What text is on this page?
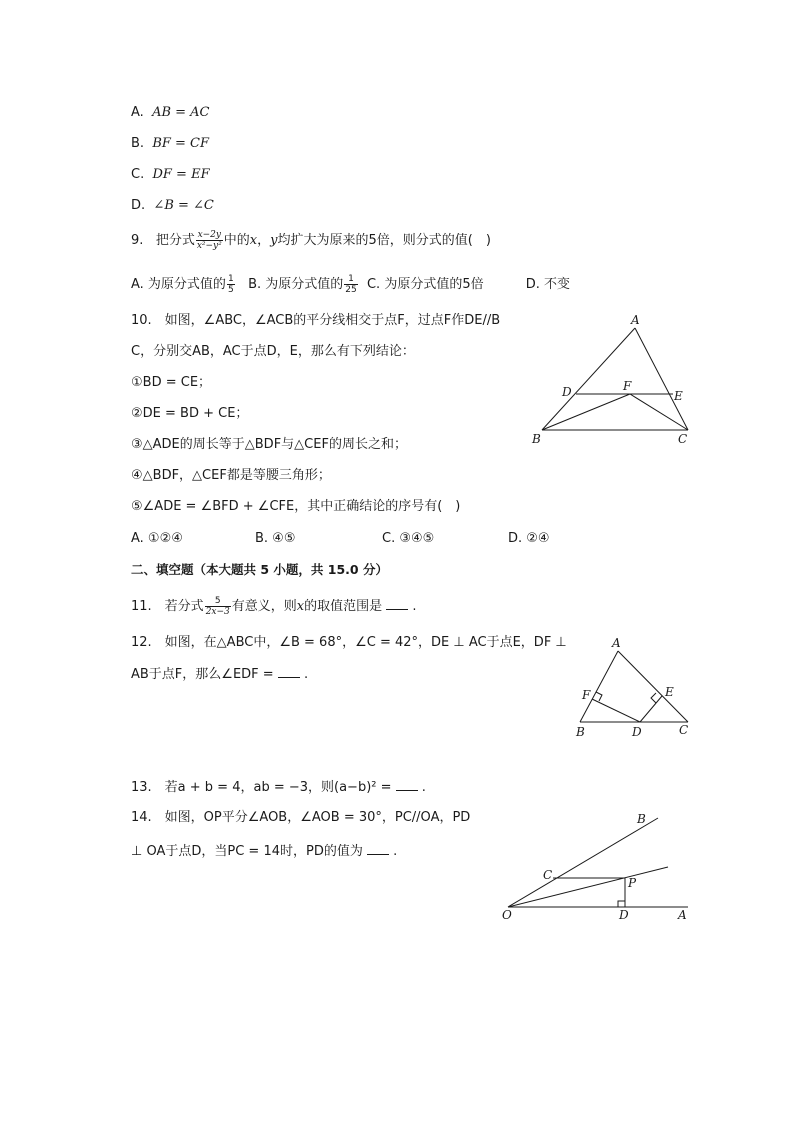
A. AB = AC
B. BF = CF
C. DF = EF
D. ∠B = ∠C
9. 把分式 $\frac{x-2y}{\text{x²−y²}}$ 中的x，y均扩大为原来的5倍，则分式的值(　)
A. 为原分式值的 $\frac{1}{5} B$. 为原分式值的 $\frac{1}{25} C$. 为原分式值的5倍	D. 不变
10.　如图，∠ABC，∠ACB的平分线相交于点F，过点F作DE//B
C，分别交AB，AC于点D，E，那么有下列结论：
①BD = CE；
②DE = BD + CE；
③△ADE的周长等于△BDF与△CEF的周长之和；
④△BDF，△CEF都是等腰三角形；
⑤∠ADE = ∠BFD + ∠CFE，其中正确结论的序号有(　)
A. ①②④	B. ④⑤	C. ③④⑤	D. ②④
A
B	C
D	E
F
二、填空题（本大题共 5 小题，共 15.0 分）
11.　若分式 $\frac{5}{2x-3}$ 有意义，则x的取值范围是 .
12.　如图，在△ABC中，∠B = 68°，∠C = 42°，DE ⊥ AC于点E，DF ⊥
AB于点F，那么∠EDF = .
A
B	C
D
E
F
13.　若a + b = 4，ab = −3，则(a−b)² = .
14.　如图，OP平分∠AOB，∠AOB = 30°，PC//OA，PD
⊥ OA于点D，当PC = 14时，PD的值为 .
O	A
B
C
D
P
